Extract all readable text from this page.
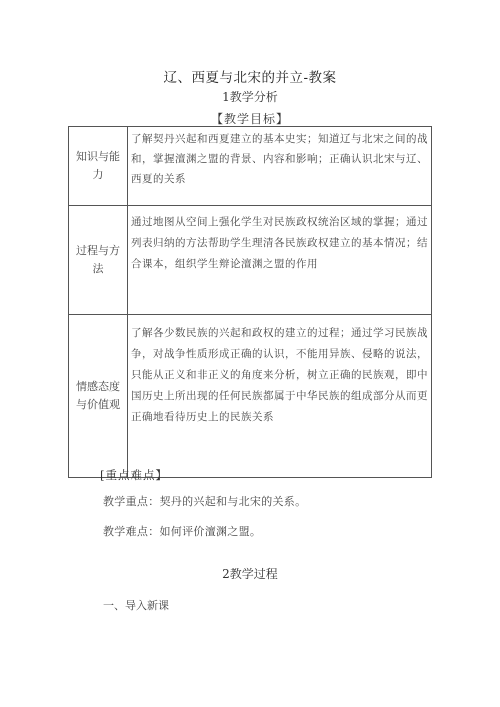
辽、西夏与北宋的并立-教案
1教学分析
【教学目标】
知识与能力	了解契丹兴起和西夏建立的基本史实；知道辽与北宋之间的战和，掌握澶渊之盟的背景、内容和影响；正确认识北宋与辽、西夏的关系
过程与方法	通过地图从空间上强化学生对民族政权统治区域的掌握；通过列表归纳的方法帮助学生理清各民族政权建立的基本情况；结合课本，组织学生辩论澶渊之盟的作用
情感态度与价值观	了解各少数民族的兴起和政权的建立的过程；通过学习民族战争，对战争性质形成正确的认识，不能用异族、侵略的说法，只能从正义和非正义的角度来分析，树立正确的民族观，即中国历史上所出现的任何民族都属于中华民族的组成部分从而更正确地看待历史上的民族关系
[重点难点】
教学重点：契丹的兴起和与北宋的关系。
教学难点：如何评价澶渊之盟。
2教学过程
一、导入新课
